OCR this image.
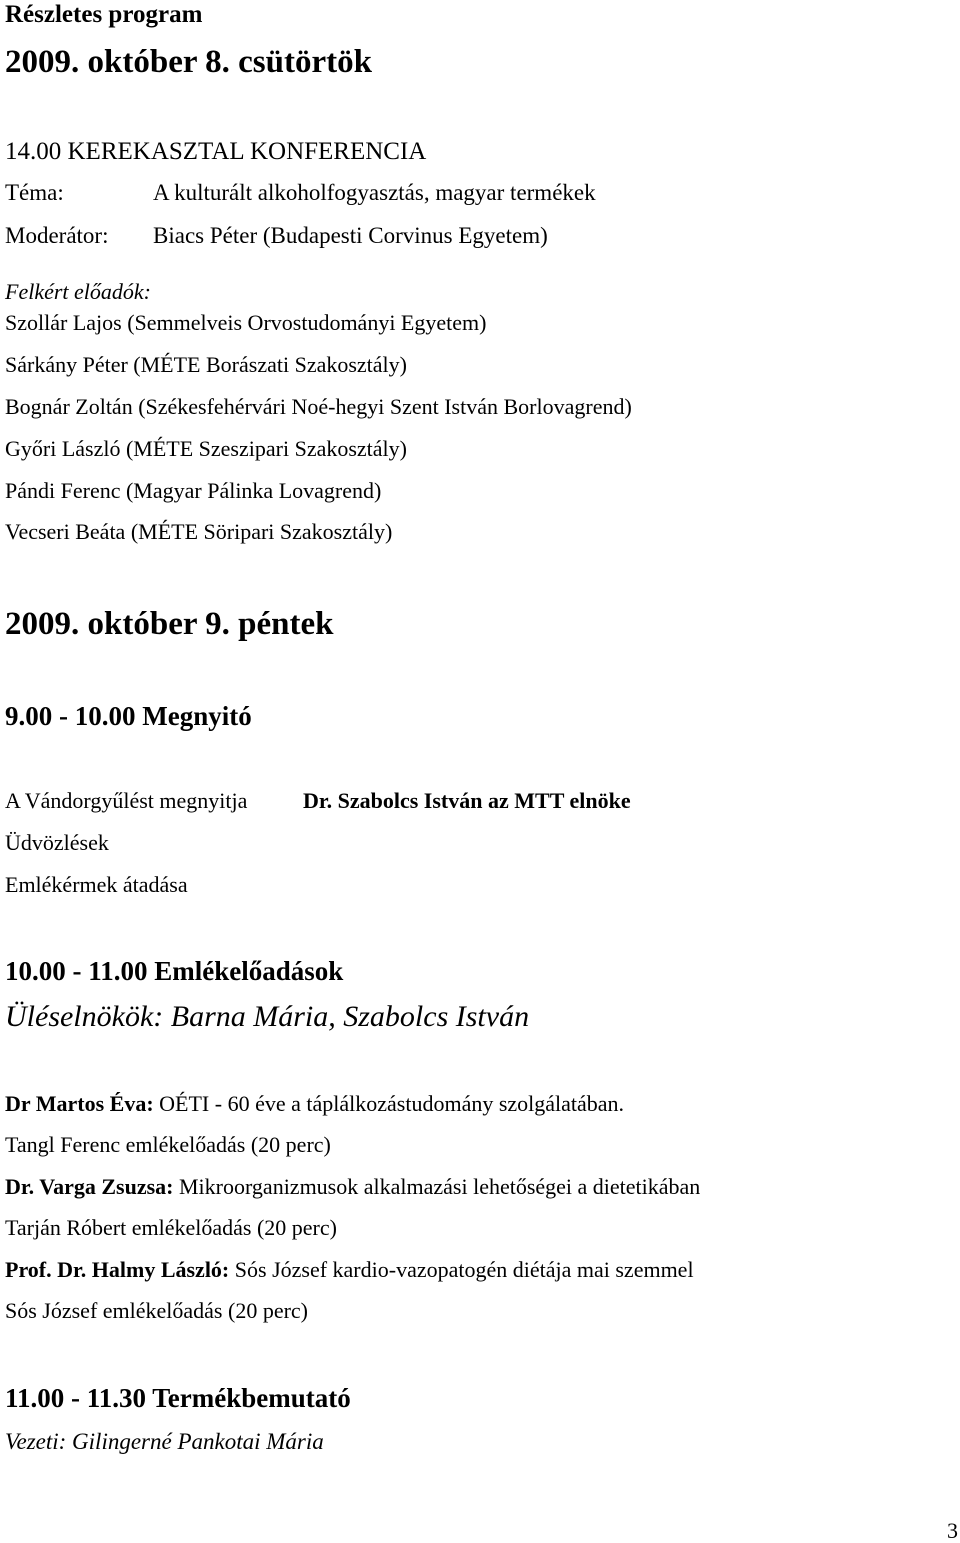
Részletes program
2009. október 8. csütörtök
14.00 KEREKASZTAL KONFERENCIA
Téma:	A kulturált alkoholfogyasztás, magyar termékek
Moderátor: Biacs Péter (Budapesti Corvinus Egyetem)
Felkért előadók:
Szollár Lajos (Semmelveis Orvostudományi Egyetem)
Sárkány Péter (MÉTE Borászati Szakosztály)
Bognár Zoltán (Székesfehérvári Noé-hegyi Szent István Borlovagrend)
Győri László (MÉTE Szeszipari Szakosztály)
Pándi Ferenc (Magyar Pálinka Lovagrend)
Vecseri Beáta (MÉTE Söripari Szakosztály)
2009. október 9. péntek
9.00 - 10.00 Megnyitó
A Vándorgyűlést megnyitja	Dr. Szabolcs István az MTT elnöke
Üdvözlések
Emlékérmek átadása
10.00 - 11.00 Emlékelőadások
Üléselnökök: Barna Mária, Szabolcs István
Dr Martos Éva: OÉTI - 60 éve a táplálkozástudomány szolgálatában.
Tangl Ferenc emlékelőadás (20 perc)
Dr. Varga Zsuzsa: Mikroorganizmusok alkalmazási lehetőségei a dietetikában
Tarján Róbert emlékelőadás (20 perc)
Prof. Dr. Halmy László: Sós József kardio-vazopatogén diétája mai szemmel
Sós József emlékelőadás (20 perc)
11.00 - 11.30 Termékbemutató
Vezeti: Gilingerné Pankotai Mária
3
